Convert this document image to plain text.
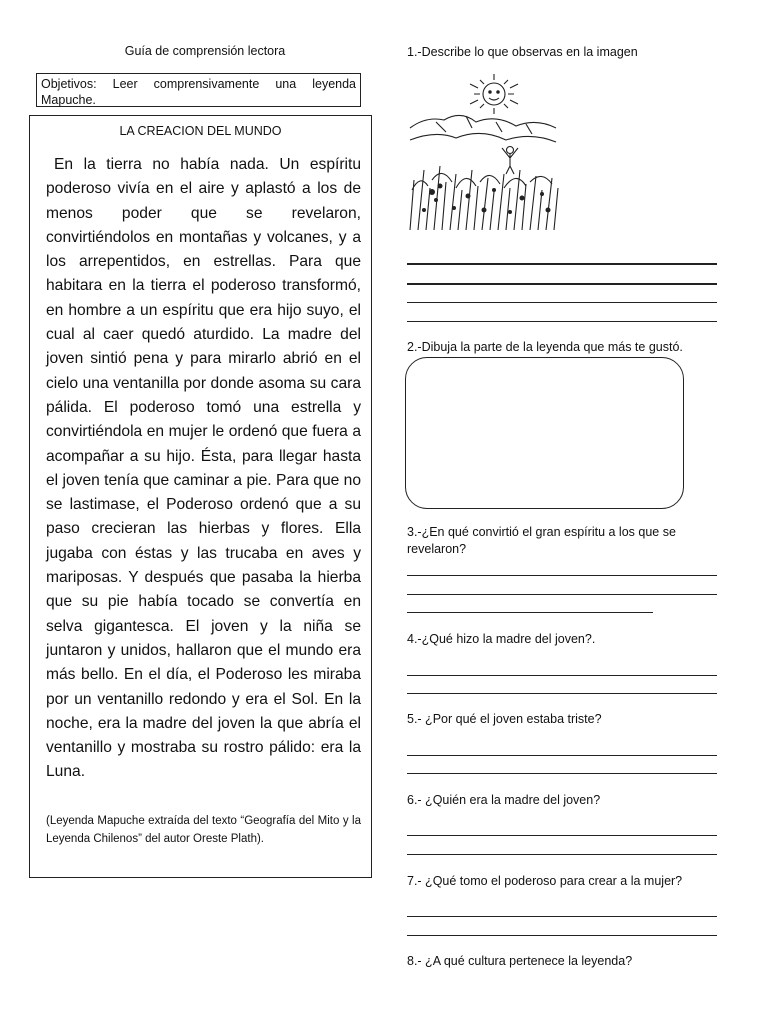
Guía de comprensión lectora
Objetivos: Leer comprensivamente una leyenda Mapuche.
LA CREACION DEL MUNDO
En la tierra no había nada. Un espíritu poderoso vivía en el aire y aplastó a los de menos poder que se revelaron, convirtiéndolos en montañas y volcanes, y a los arrepentidos, en estrellas. Para que habitara en la tierra el poderoso transformó, en hombre a un espíritu que era hijo suyo, el cual al caer quedó aturdido. La madre del joven sintió pena y para mirarlo abrió en el cielo una ventanilla por donde asoma su cara pálida. El poderoso tomó una estrella y convirtiéndola en mujer le ordenó que fuera a acompañar a su hijo. Ésta, para llegar hasta el joven tenía que caminar a pie. Para que no se lastimase, el Poderoso ordenó que a su paso crecieran las hierbas y flores. Ella jugaba con éstas y las trucaba en aves y mariposas. Y después que pasaba la hierba que su pie había tocado se convertía en selva gigantesca. El joven y la niña se juntaron y unidos, hallaron que el mundo era más bello. En el día, el Poderoso les miraba por un ventanillo redondo y era el Sol. En la noche, era la madre del joven la que abría el ventanillo y mostraba su rostro pálido: era la Luna.
(Leyenda Mapuche extraída del texto “Geografía del Mito y la Leyenda Chilenos” del autor Oreste Plath).
1.-Describe lo que observas en la imagen
2.-Dibuja la parte de la leyenda que más te gustó.
3.-¿En qué convirtió el gran espíritu a los que se revelaron?
4.-¿Qué hizo la madre del joven?.
5.- ¿Por qué el joven estaba triste?
6.- ¿Quién era la madre del joven?
7.- ¿Qué tomo el poderoso para crear a la mujer?
8.- ¿A qué cultura pertenece la leyenda?
